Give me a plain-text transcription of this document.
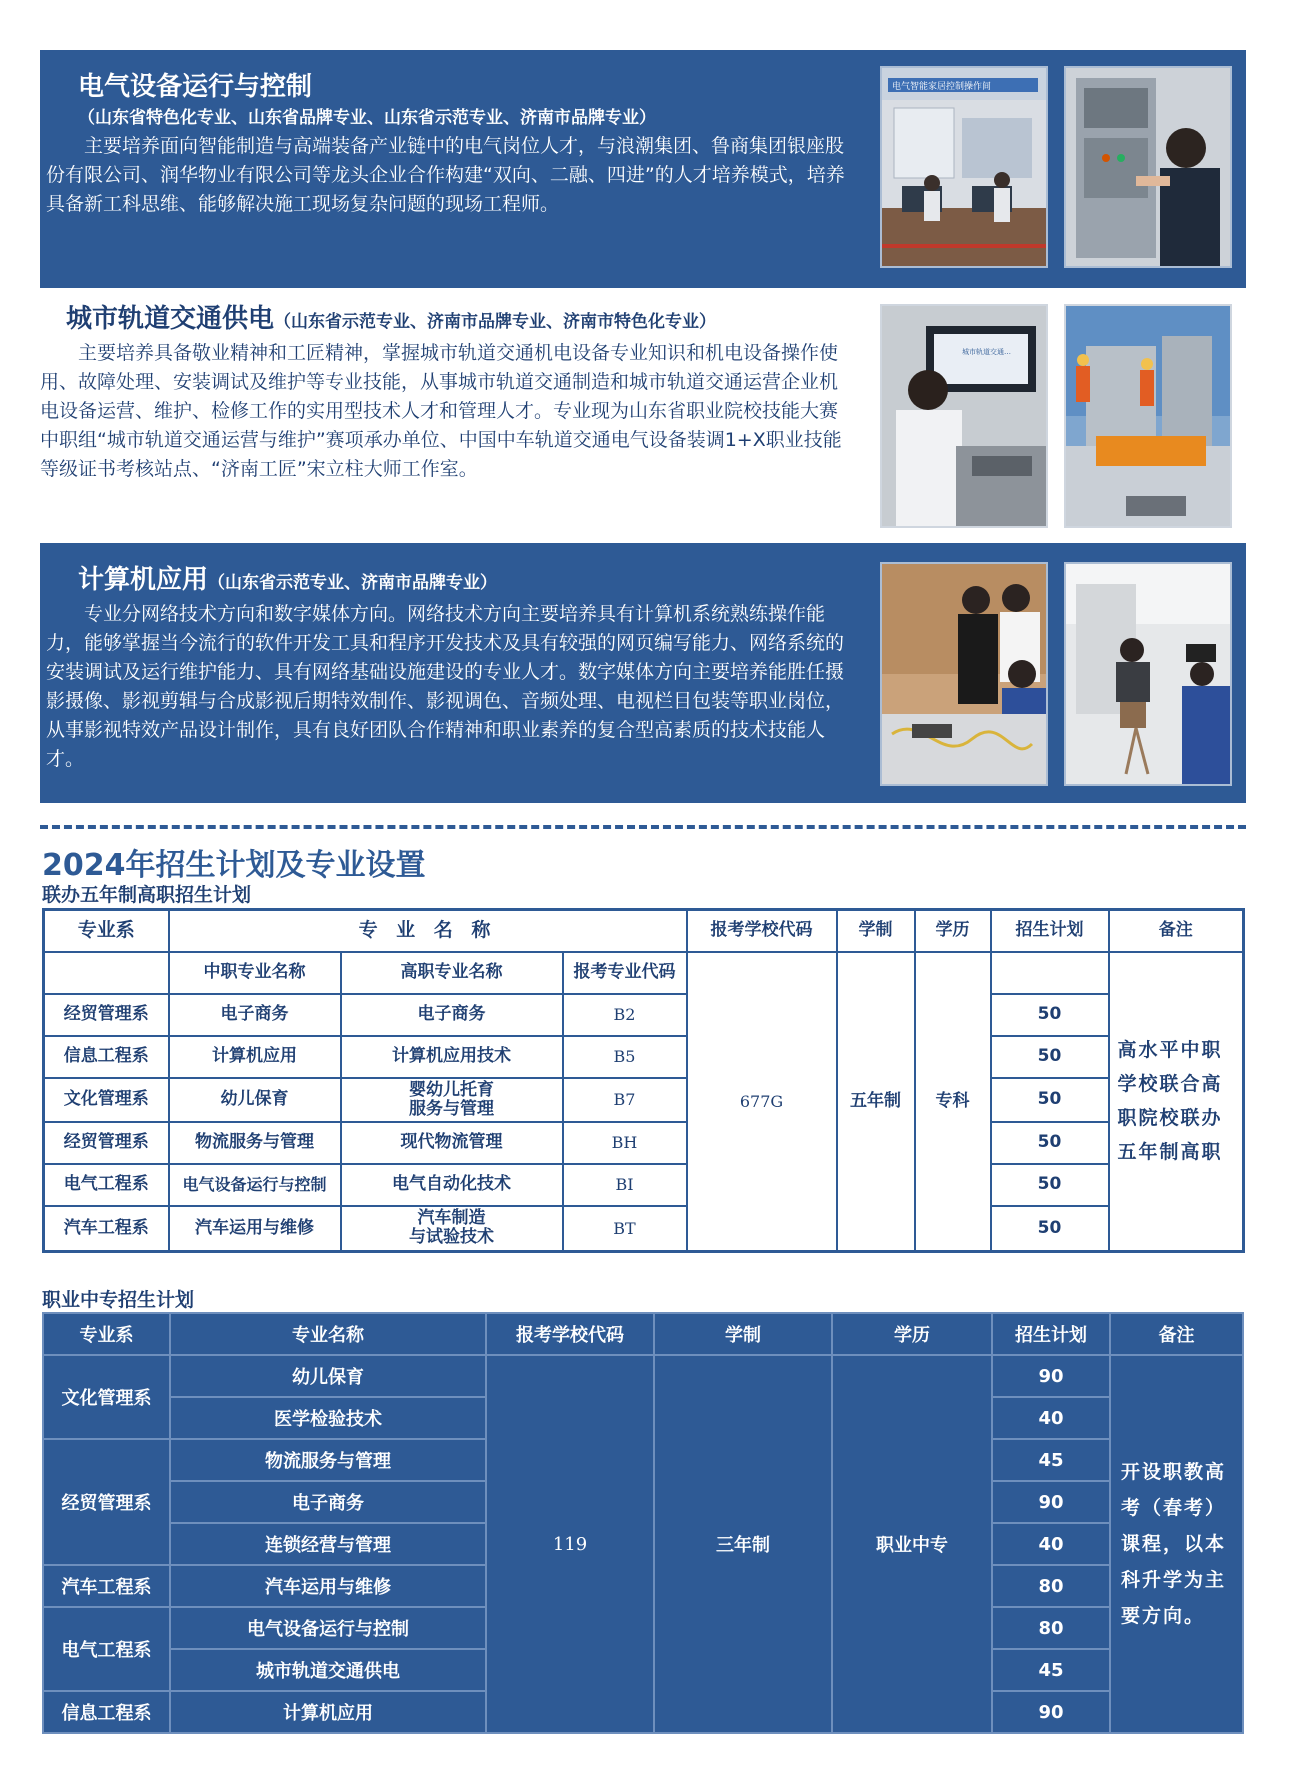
电气设备运行与控制
（山东省特色化专业、山东省品牌专业、山东省示范专业、济南市品牌专业）

主要培养面向智能制造与高端装备产业链中的电气岗位人才，与浪潮集团、鲁商集团银座股份有限公司、润华物业有限公司等龙头企业合作构建“双向、二融、四进”的人才培养模式，培养具备新工科思维、能够解决施工现场复杂问题的现场工程师。

电气智能家居控制操作间
城市轨道交通供电（山东省示范专业、济南市品牌专业、济南市特色化专业）

主要培养具备敬业精神和工匠精神，掌握城市轨道交通机电设备专业知识和机电设备操作使用、故障处理、安装调试及维护等专业技能，从事城市轨道交通制造和城市轨道交通运营企业机电设备运营、维护、检修工作的实用型技术人才和管理人才。专业现为山东省职业院校技能大赛中职组“城市轨道交通运营与维护”赛项承办单位、中国中车轨道交通电气设备装调1+X职业技能等级证书考核站点、“济南工匠”宋立柱大师工作室。

城市轨道交通…
计算机应用（山东省示范专业、济南市品牌专业）

专业分网络技术方向和数字媒体方向。网络技术方向主要培养具有计算机系统熟练操作能力，能够掌握当今流行的软件开发工具和程序开发技术及具有较强的网页编写能力、网络系统的安装调试及运行维护能力、具有网络基础设施建设的专业人才。数字媒体方向主要培养能胜任摄影摄像、影视剪辑与合成影视后期特效制作、影视调色、音频处理、电视栏目包装等职业岗位，从事影视特效产品设计制作，具有良好团队合作精神和职业素养的复合型高素质的技术技能人才。

2024年招生计划及专业设置
联办五年制高职招生计划
专业系	专 业 名 称			报考学校代码	学制	学历	招生计划	备注
	中职专业名称	高职专业名称	报考专业代码	677G	五年制	专科		高水平中职学校联合高职院校联办五年制高职
经贸管理系	电子商务	电子商务	B2				50	
信息工程系	计算机应用	计算机应用技术	B5				50	
文化管理系	幼儿保育	婴幼儿托育
服务与管理	B7				50	
经贸管理系	物流服务与管理	现代物流管理	BH				50	
电气工程系	电气设备运行与控制	电气自动化技术	BI				50	
汽车工程系	汽车运用与维修	汽车制造
与试验技术	BT				50	
职业中专招生计划
专业系	专业名称	报考学校代码	学制	学历	招生计划	备注
文化管理系	幼儿保育	119	三年制	职业中专	90	开设职教高考（春考）课程，以本科升学为主要方向。
	医学检验技术				40	
经贸管理系	物流服务与管理				45	
	电子商务				90	
	连锁经营与管理				40	
汽车工程系	汽车运用与维修				80	
电气工程系	电气设备运行与控制				80	
	城市轨道交通供电				45	
信息工程系	计算机应用				90	
